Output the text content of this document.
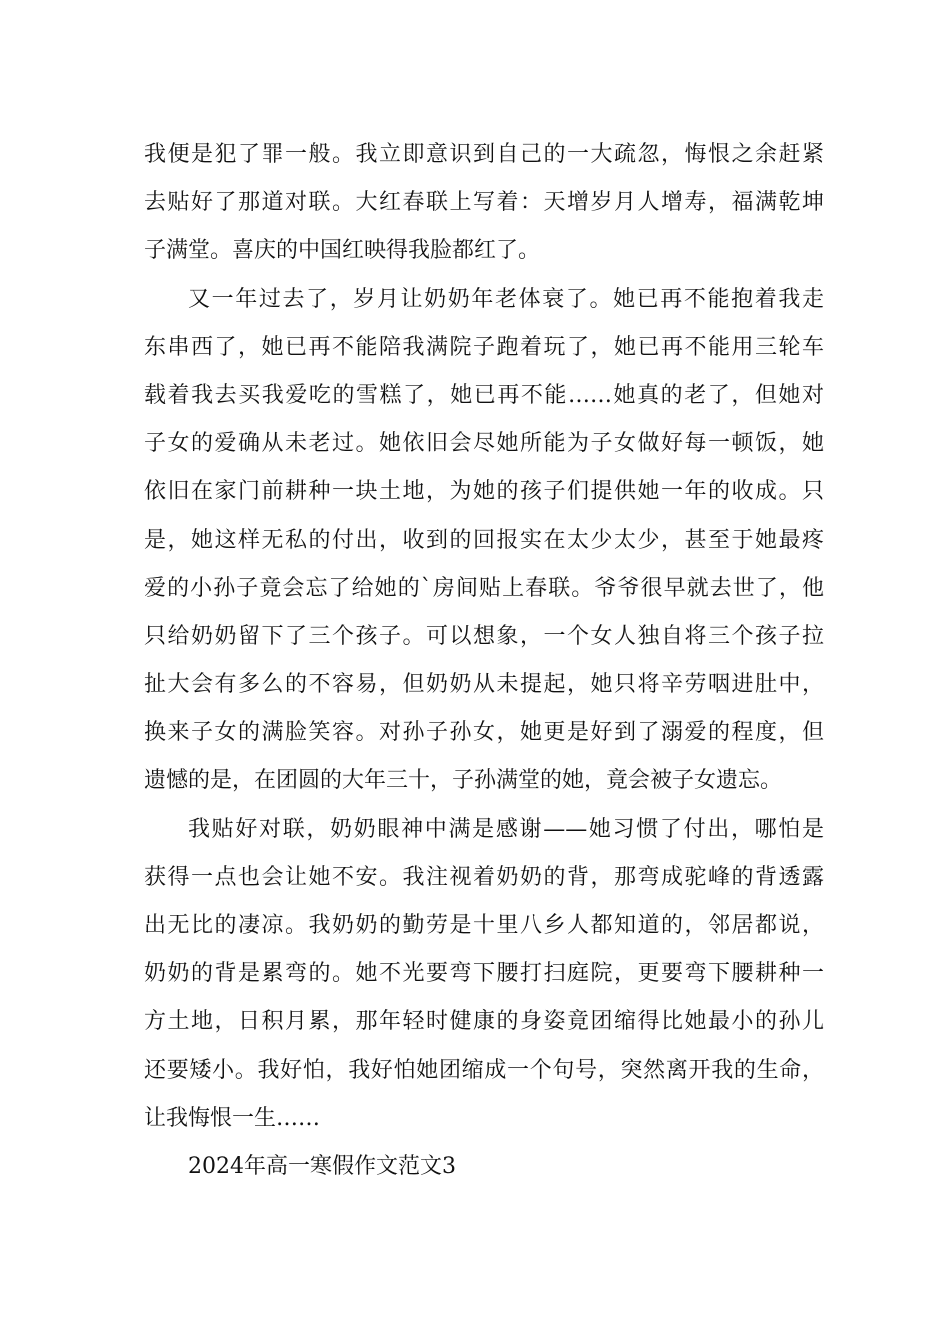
我便是犯了罪一般。我立即意识到自己的一大疏忽，悔恨之余赶紧
去贴好了那道对联。大红春联上写着：天增岁月人增寿，福满乾坤
子满堂。喜庆的中国红映得我脸都红了。
又一年过去了，岁月让奶奶年老体衰了。她已再不能抱着我走
东串西了，她已再不能陪我满院子跑着玩了，她已再不能用三轮车
载着我去买我爱吃的雪糕了，她已再不能……她真的老了，但她对
子女的爱确从未老过。她依旧会尽她所能为子女做好每一顿饭，她
依旧在家门前耕种一块土地，为她的孩子们提供她一年的收成。只
是，她这样无私的付出，收到的回报实在太少太少，甚至于她最疼
爱的小孙子竟会忘了给她的`房间贴上春联。爷爷很早就去世了，他
只给奶奶留下了三个孩子。可以想象，一个女人独自将三个孩子拉
扯大会有多么的不容易，但奶奶从未提起，她只将辛劳咽进肚中，
换来子女的满脸笑容。对孙子孙女，她更是好到了溺爱的程度，但
遗憾的是，在团圆的大年三十，子孙满堂的她，竟会被子女遗忘。
我贴好对联，奶奶眼神中满是感谢——她习惯了付出，哪怕是
获得一点也会让她不安。我注视着奶奶的背，那弯成驼峰的背透露
出无比的凄凉。我奶奶的勤劳是十里八乡人都知道的，邻居都说，
奶奶的背是累弯的。她不光要弯下腰打扫庭院，更要弯下腰耕种一
方土地，日积月累，那年轻时健康的身姿竟团缩得比她最小的孙儿
还要矮小。我好怕，我好怕她团缩成一个句号，突然离开我的生命，
让我悔恨一生……
2024年高一寒假作文范文3
